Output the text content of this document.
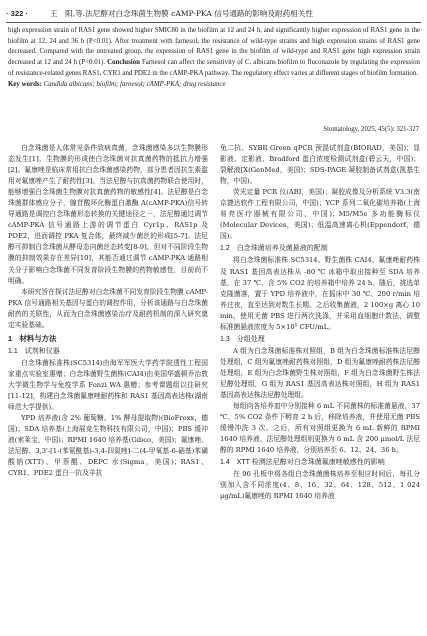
· 322 ·	王　阳,等.法尼醇对白念珠菌生物膜 cAMP-PKA 信号通路的影响及耐药相关性

high expression strain of RAS1 gene showed higher SMIC80 in the biofilm at 12 and 24 h, and significantly higher expression of RAS1 gene in the biofilm at 12, 24 and 36 h (P<0.01). After treatment with farnesol, the resistance of wild-type strains and high expression strains of RAS1 gene decreased. Compared with the untreated group, the expression of RAS1 gene in the biofilm of wild-type and RAS1 gene high expression strain decreased at 12 and 24 h (P<0.01). Conclusion Farnesol can affect the sensitivity of C. albicans biofilm to fluconazole by regulating the expression of resistance-related genes RAS1, CYR1 and PDE2 in the cAMP-PKA pathway. The regulatory effect varies at different stages of biofilm formation.

Key words: Candida albicans; biofilm; farnesol; cAMP-PKA; drug resistance

Stomatology, 2025, 45(5): 321-327

白念珠菌是人体常见条件致病真菌，念珠菌感染多以生物膜形态发生[1]，生物膜的形成使白念珠菌对抗真菌药物的抵抗力增强[2]。氟康唑是临床常用抗白念珠菌感染药物，部分患者因抗生素滥用对氟康唑产生了耐药性[3]。当法尼醇与抗真菌药物联合使用时，能够增强白念珠菌生物膜对抗真菌药物的敏感性[4]。法尼醇是白念珠菌群体感应分子，腺苷酸环化酶蛋白激酶 A(cAMP-PKA)信号转导通路是调控白念珠菌形态转换的关键途径之一，法尼醇通过调节 cAMP-PKA 信号通路上游的调节蛋白 Cyr1p、RAS1p 及 PDE2，进而调控 PKA 复合体，最终减少菌丝的形成[5-7]。法尼醇可抑制白念珠菌从酵母态向菌丝态转变[8-9]，但对不同阶段生物膜的抑制效果存在差异[10]，其能否通过调节 cAMP-PKA 通路相关分子影响白念珠菌不同发育阶段生物膜的药物敏感性，目前尚不明确。

本研究旨在探讨法尼醇对白念珠菌不同发育阶段生物膜 cAMP-PKA 信号通路相关基因与蛋白的调控作用，分析该通路与白念珠菌耐药的关联性，从而为白念珠菌感染治疗及耐药机制的深入研究奠定实验基础。

1　材料与方法

1.1　试剂和仪器

白念珠菌标准株(SC5314)由海军军医大学药学院透性工程国家重点实验室惠赠；白念珠菌野生菌株(CAI4)由美国华盛顿乔治敦大学微生物学与免疫学系 Fonzi WA 惠赠；参考课题组以往研究[11-12]，构建白念珠菌氟康唑耐药株和 RAS1 基因高表达株(湖南师范大学提供)。

YPD 培养液(含 2% 葡萄糖、1% 酵母提取物)(BioFroxx，德国)；SDA 培养基(上海展竞生物科技有限公司，中国)；PBS 缓冲液(索莱宝，中国)；RPMI 1640 培养基(Gibco，美国)；氟康唑、法尼醇、3,3'-[1-(苯氨酰基)-3,4-四氮唑]-二(4-甲氧基-6-硝基)苯磺酸钠(XTT)、甲萘醌、DEPC 水(Sigma，美国)；RAS1、CYR1、PDE2 蛋白一抗及羊抗

兔二抗、SYBR Green qPCR 预混试剂盒(BIORAD，美国)；显影液、定影液、Bradford 蛋白浓度检测试剂盒(碧云天，中国)；裂解液[X(GenMed，美国)；SDS-PAGE 凝胶制备试剂盒(凯基生物，中国)。

荧光定量 PCR 仪(ABI，美国)；凝胶成像及分析系统 V3.3(南京捷达软件工程有限公司，中国)；YCP 系列二氧化碳培养箱(上海易亮医疗器械有限公司，中国)；M5/M5e 多功能酶标仪(Molecular Devices，美国)；低温高速离心机(Eppendorf，德国)。

1.2　白念珠菌培养及菌悬液的配制

将白念珠菌标准株 SC5314、野生菌株 CAI4、氟康唑耐药株及 RAS1 基因高表达株从 -80 ℃ 冰箱中取出接种至 SDA 培养基，在 37 ℃、含 5% CO2 的培养箱中培养 24 h。随后，挑选单克隆菌落，置于 YPD 培养液中，在摇床中 30 ℃、200 r/min 培养过夜，直至达到对数生长期。之后收集菌液，2 100×g 离心 10 min，使用无菌 PBS 进行两次洗涤，并采用血细胞计数法，调整标准菌悬液浓度为 5×10⁵ CFU/mL。

1.3　分组处理

A 组为白念珠菌标准株对照组，B 组为白念珠菌标准株法尼醇处理组，C 组为氟康唑耐药株对照组，D 组为氟康唑耐药株法尼醇处理组，E 组为白念珠菌野生株对照组，F 组为白念珠菌野生株法尼醇处理组，G 组为 RAS1 基因高表达株对照组，H 组为 RAS1 基因高表达株法尼醇处理组。

每组向各培养皿中分别接种 6 mL 不同菌株的标准菌悬液，37 ℃、5% CO2 条件下孵育 2 h 后，移除培养液，并使用无菌 PBS 缓慢冲洗 3 次。之后，所有对照组更换为 6 mL 新鲜的 RPMI 1640 培养液，法尼醇处理组则更换为 6 mL 含 200 μmol/L 法尼醇的 RPMI 1640 培养液，分别培养至 6、12、24、36 h。

1.4　XTT 检测法尼醇对白念珠菌氟康唑敏感性的影响

在 96 孔板中将各组白念珠菌菌株培养至相应时间后，每孔分别加入含不同浓度(4、8、16、32、64、128、512、1 024 μg/mL)氟康唑的 RPMI 1640 培养液
